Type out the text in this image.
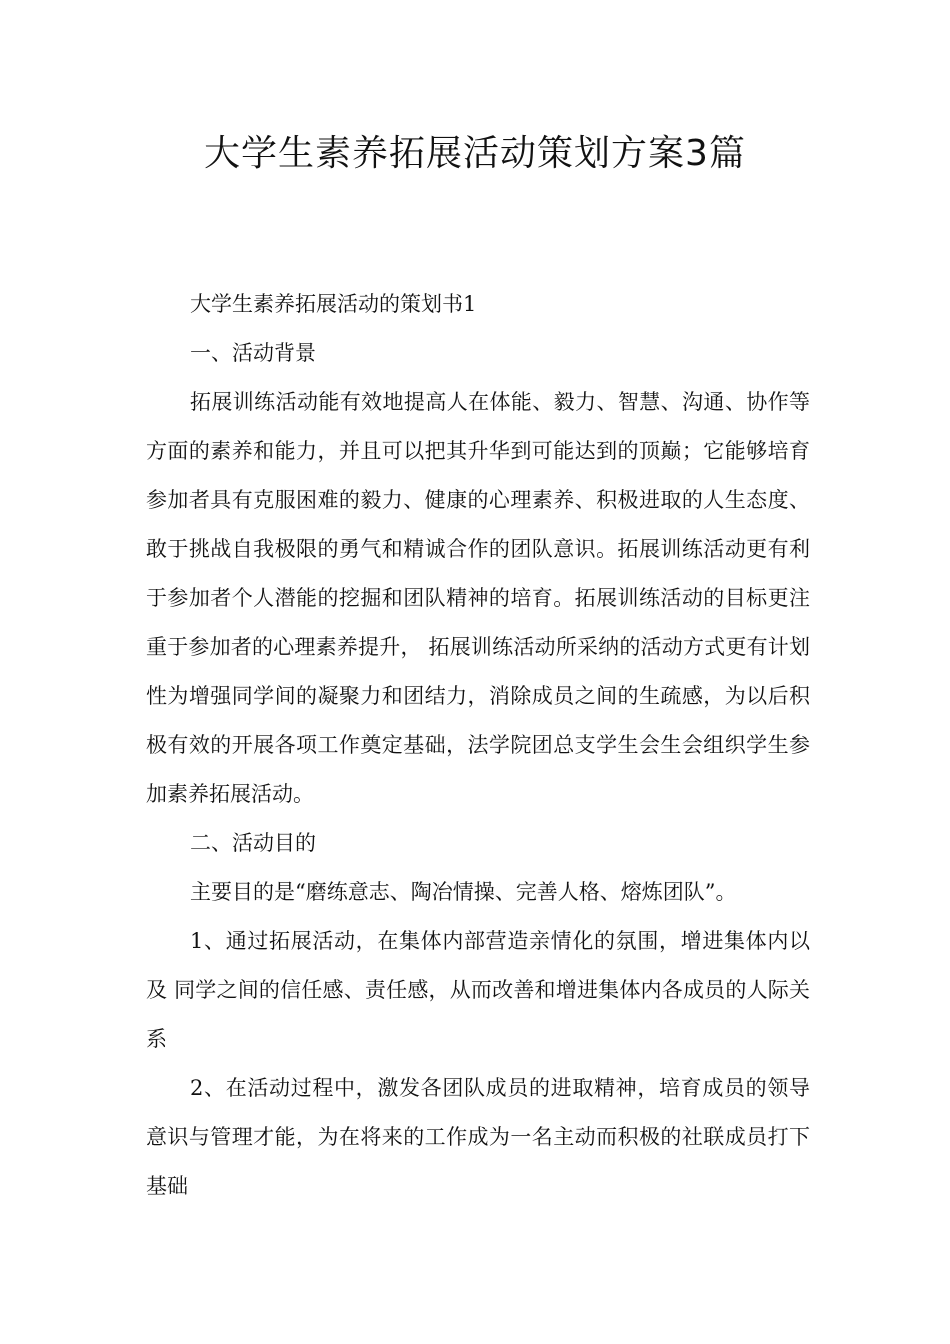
大学生素养拓展活动策划方案3篇

大学生素养拓展活动的策划书1

一、活动背景

拓展训练活动能有效地提高人在体能、毅力、智慧、沟通、协作等方面的素养和能力，并且可以把其升华到可能达到的顶巅；它能够培育参加者具有克服困难的毅力、健康的心理素养、积极进取的人生态度、敢于挑战自我极限的勇气和精诚合作的团队意识。拓展训练活动更有利于参加者个人潜能的挖掘和团队精神的培育。拓展训练活动的目标更注重于参加者的心理素养提升， 拓展训练活动所采纳的活动方式更有计划性为增强同学间的凝聚力和团结力，消除成员之间的生疏感，为以后积极有效的开展各项工作奠定基础，法学院团总支学生会生会组织学生参加素养拓展活动。

二、活动目的

主要目的是“磨练意志、陶冶情操、完善人格、熔炼团队”。

1、通过拓展活动，在集体内部营造亲情化的氛围，增进集体内以及 同学之间的信任感、责任感，从而改善和增进集体内各成员的人际关系

2、在活动过程中，激发各团队成员的进取精神，培育成员的领导意识与管理才能，为在将来的工作成为一名主动而积极的社联成员打下基础
